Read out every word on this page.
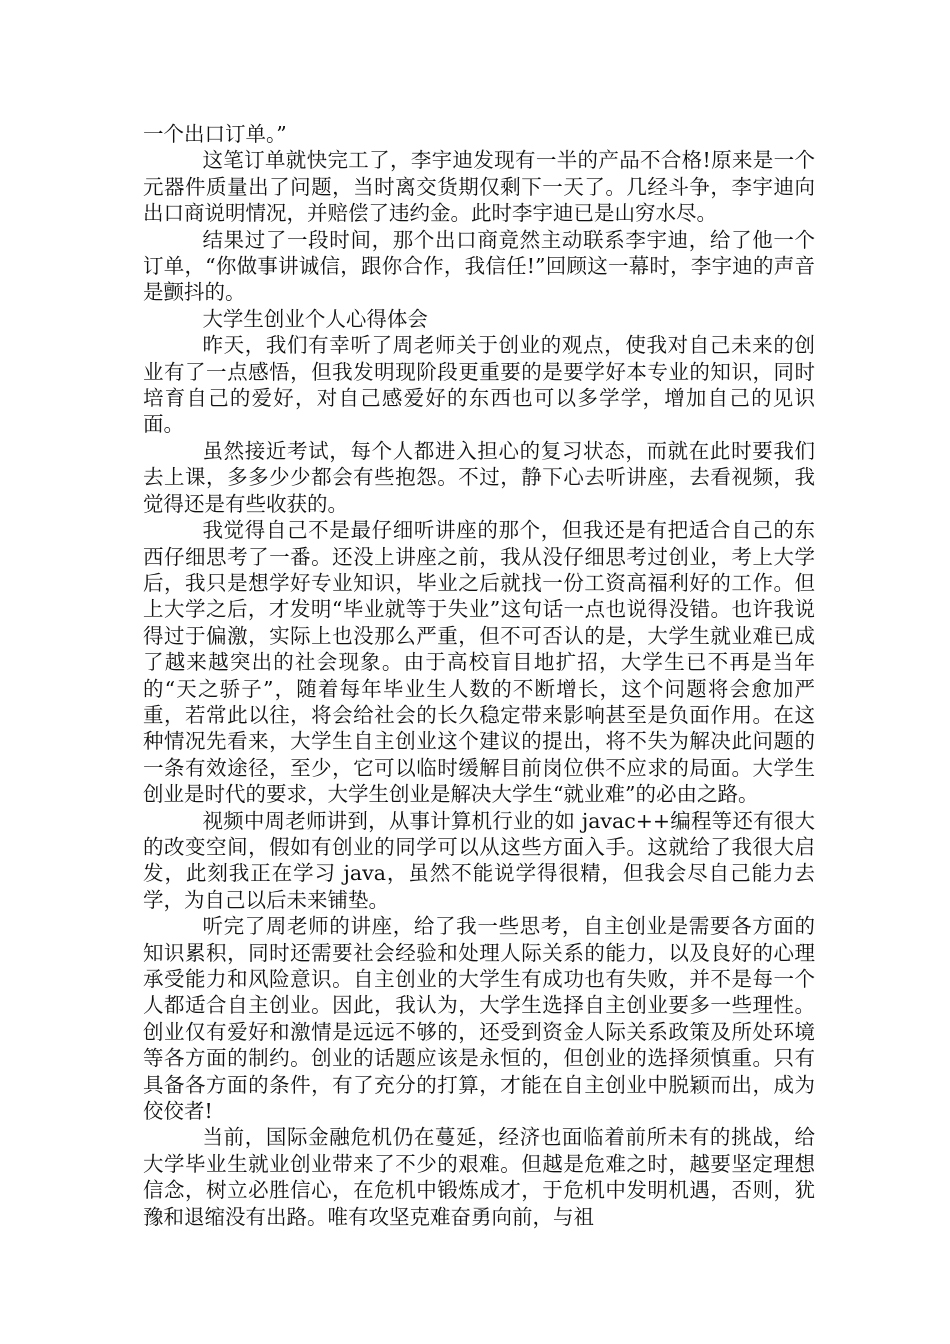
一个出口订单。”

这笔订单就快完工了，李宇迪发现有一半的产品不合格!原来是一个元器件质量出了问题，当时离交货期仅剩下一天了。几经斗争，李宇迪向出口商说明情况，并赔偿了违约金。此时李宇迪已是山穷水尽。

结果过了一段时间，那个出口商竟然主动联系李宇迪，给了他一个订单，“你做事讲诚信，跟你合作，我信任!”回顾这一幕时，李宇迪的声音是颤抖的。

大学生创业个人心得体会

昨天，我们有幸听了周老师关于创业的观点，使我对自己未来的创业有了一点感悟，但我发明现阶段更重要的是要学好本专业的知识，同时培育自己的爱好，对自己感爱好的东西也可以多学学，增加自己的见识面。

虽然接近考试，每个人都进入担心的复习状态，而就在此时要我们去上课，多多少少都会有些抱怨。不过，静下心去听讲座，去看视频，我觉得还是有些收获的。

我觉得自己不是最仔细听讲座的那个，但我还是有把适合自己的东西仔细思考了一番。还没上讲座之前，我从没仔细思考过创业，考上大学后，我只是想学好专业知识，毕业之后就找一份工资高福利好的工作。但上大学之后，才发明“毕业就等于失业”这句话一点也说得没错。也许我说得过于偏激，实际上也没那么严重，但不可否认的是，大学生就业难已成了越来越突出的社会现象。由于高校盲目地扩招，大学生已不再是当年的“天之骄子”，随着每年毕业生人数的不断增长，这个问题将会愈加严重，若常此以往，将会给社会的长久稳定带来影响甚至是负面作用。在这种情况先看来，大学生自主创业这个建议的提出，将不失为解决此问题的一条有效途径，至少，它可以临时缓解目前岗位供不应求的局面。大学生创业是时代的要求，大学生创业是解决大学生“就业难”的必由之路。

视频中周老师讲到，从事计算机行业的如 javac++编程等还有很大的改变空间，假如有创业的同学可以从这些方面入手。这就给了我很大启发，此刻我正在学习 java，虽然不能说学得很精，但我会尽自己能力去学，为自己以后未来铺垫。

听完了周老师的讲座，给了我一些思考，自主创业是需要各方面的知识累积，同时还需要社会经验和处理人际关系的能力，以及良好的心理承受能力和风险意识。自主创业的大学生有成功也有失败，并不是每一个人都适合自主创业。因此，我认为，大学生选择自主创业要多一些理性。创业仅有爱好和激情是远远不够的，还受到资金人际关系政策及所处环境等各方面的制约。创业的话题应该是永恒的，但创业的选择须慎重。只有具备各方面的条件，有了充分的打算，才能在自主创业中脱颖而出，成为佼佼者!

当前，国际金融危机仍在蔓延，经济也面临着前所未有的挑战，给大学毕业生就业创业带来了不少的艰难。但越是危难之时，越要坚定理想信念，树立必胜信心，在危机中锻炼成才，于危机中发明机遇，否则，犹豫和退缩没有出路。唯有攻坚克难奋勇向前，与祖
